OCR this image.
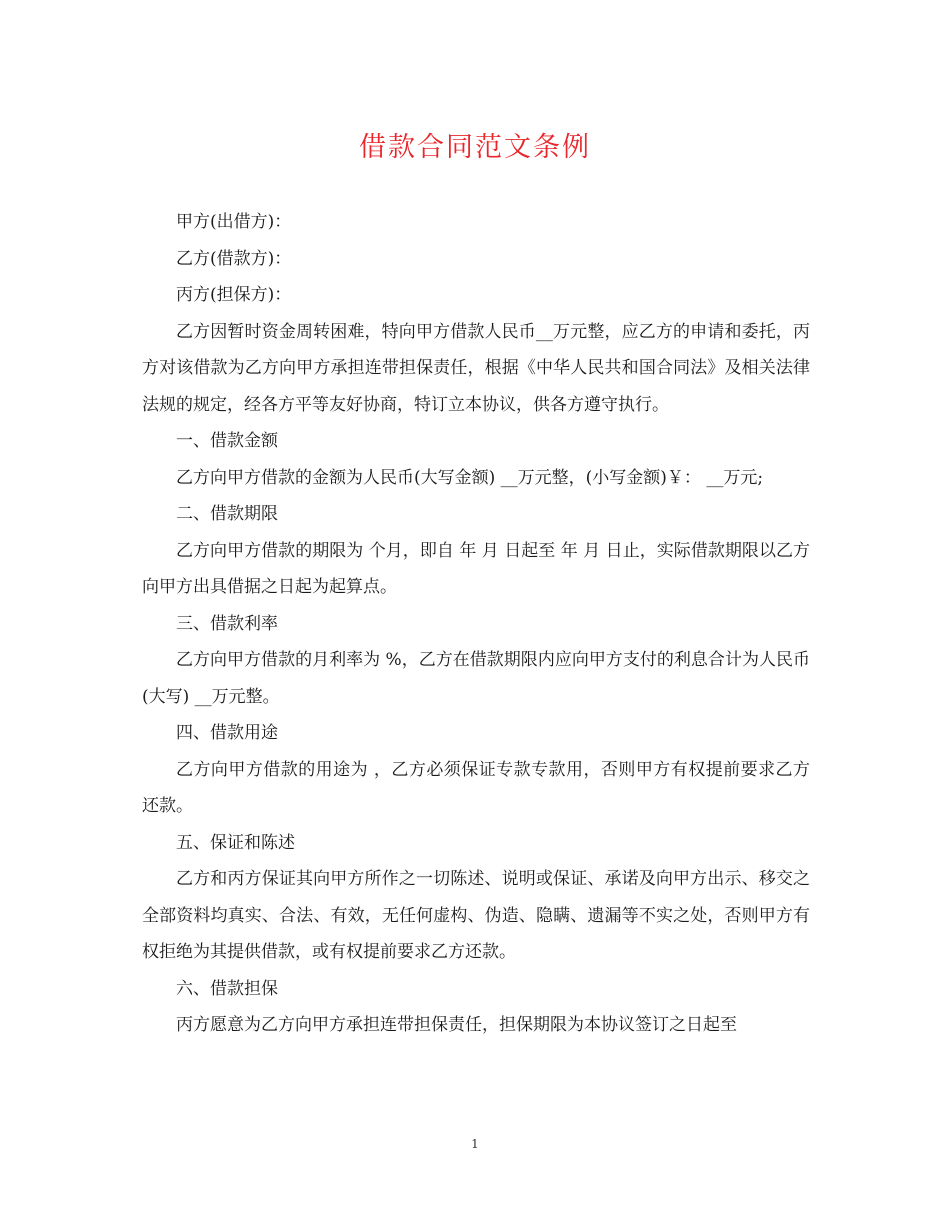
借款合同范文条例

甲方(出借方)：

乙方(借款方)：

丙方(担保方)：

乙方因暂时资金周转困难，特向甲方借款人民币__万元整，应乙方的申请和委托，丙方对该借款为乙方向甲方承担连带担保责任，根据《中华人民共和国合同法》及相关法律法规的规定，经各方平等友好协商，特订立本协议，供各方遵守执行。

一、借款金额

乙方向甲方借款的金额为人民币(大写金额) __万元整，(小写金额)￥： __万元;

二、借款期限

乙方向甲方借款的期限为 个月，即自 年 月 日起至 年 月 日止，实际借款期限以乙方向甲方出具借据之日起为起算点。

三、借款利率

乙方向甲方借款的月利率为 %，乙方在借款期限内应向甲方支付的利息合计为人民币(大写) __万元整。

四、借款用途

乙方向甲方借款的用途为 ，乙方必须保证专款专款用，否则甲方有权提前要求乙方还款。

五、保证和陈述

乙方和丙方保证其向甲方所作之一切陈述、说明或保证、承诺及向甲方出示、移交之全部资料均真实、合法、有效，无任何虚构、伪造、隐瞒、遗漏等不实之处，否则甲方有权拒绝为其提供借款，或有权提前要求乙方还款。

六、借款担保

丙方愿意为乙方向甲方承担连带担保责任，担保期限为本协议签订之日起至

1
